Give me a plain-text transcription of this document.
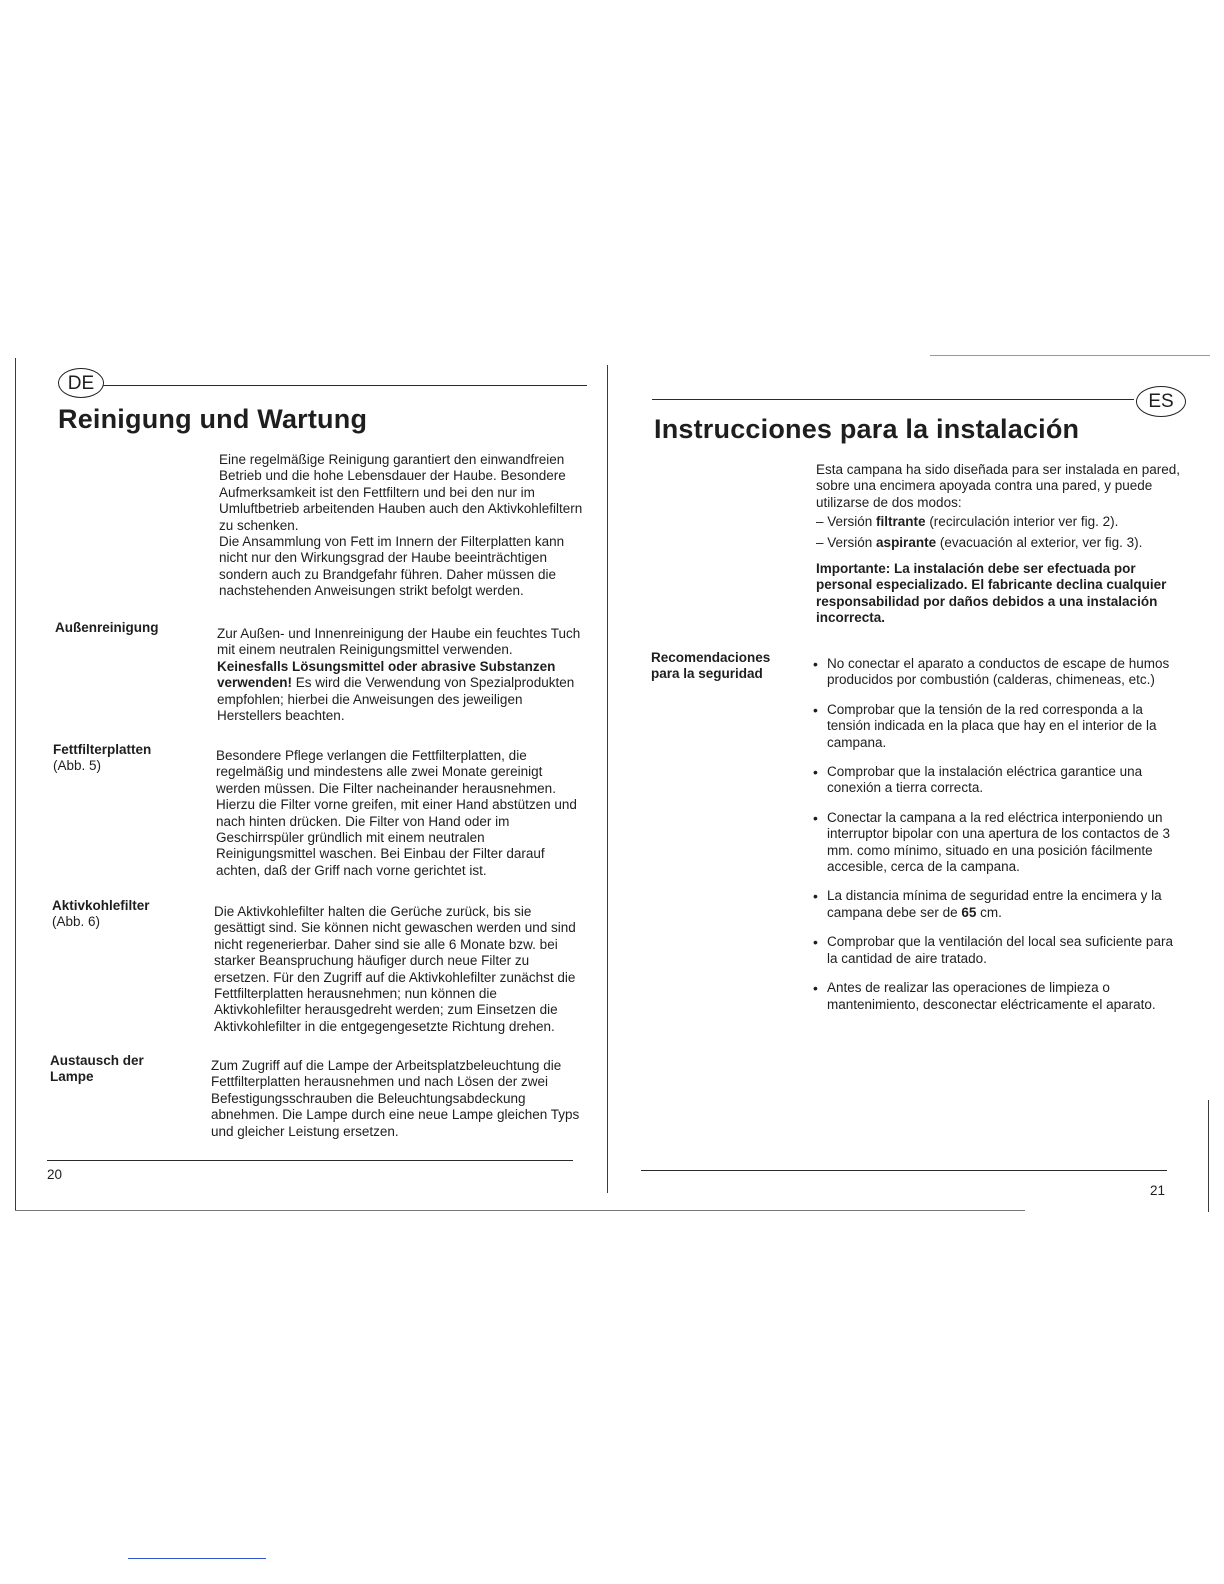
DE
Reinigung und Wartung

Eine regelmäßige Reinigung garantiert den einwandfreien Betrieb und die hohe Lebensdauer der Haube. Besondere Aufmerksamkeit ist den Fettfiltern und bei den nur im Umluftbetrieb arbeitenden Hauben auch den Aktivkohlefiltern zu schenken.

Die Ansammlung von Fett im Innern der Filterplatten kann nicht nur den Wirkungsgrad der Haube beeinträchtigen sondern auch zu Brandgefahr führen. Daher müssen die nachstehenden Anweisungen strikt befolgt werden.

Außenreinigung	Zur Außen- und Innenreinigung der Haube ein feuchtes Tuch mit einem neutralen Reinigungsmittel verwenden. Keinesfalls Lösungsmittel oder abrasive Substanzen verwenden! Es wird die Verwendung von Spezialprodukten empfohlen; hierbei die Anweisungen des jeweiligen Herstellers beachten.
Fettfilterplatten
(Abb. 5)
Besondere Pflege verlangen die Fettfilterplatten, die regelmäßig und mindestens alle zwei Monate gereinigt werden müssen. Die Filter nacheinander herausnehmen. Hierzu die Filter vorne greifen, mit einer Hand abstützen und nach hinten drücken. Die Filter von Hand oder im Geschirrspüler gründlich mit einem neutralen Reinigungsmittel waschen. Bei Einbau der Filter darauf achten, daß der Griff nach vorne gerichtet ist.
Aktivkohlefilter
(Abb. 6)
Die Aktivkohlefilter halten die Gerüche zurück, bis sie gesättigt sind. Sie können nicht gewaschen werden und sind nicht regenerierbar. Daher sind sie alle 6 Monate bzw. bei starker Beanspruchung häufiger durch neue Filter zu ersetzen. Für den Zugriff auf die Aktivkohlefilter zunächst die Fettfilterplatten herausnehmen; nun können die Aktivkohlefilter herausgedreht werden; zum Einsetzen die Aktivkohlefilter in die entgegengesetzte Richtung drehen.
Austausch der Lampe
Zum Zugriff auf die Lampe der Arbeitsplatzbeleuchtung die Fettfilterplatten herausnehmen und nach Lösen der zwei Befestigungsschrauben die Beleuchtungsabdeckung abnehmen. Die Lampe durch eine neue Lampe gleichen Typs und gleicher Leistung ersetzen.
20
ES
Instrucciones para la instalación

Esta campana ha sido diseñada para ser instalada en pared, sobre una encimera apoyada contra una pared, y puede utilizarse de dos modos:

– Versión filtrante (recirculación interior ver fig. 2).

– Versión aspirante (evacuación al exterior, ver fig. 3).

Importante: La instalación debe ser efectuada por personal especializado. El fabricante declina cualquier responsabilidad por daños debidos a una instalación incorrecta.

Recomendaciones para la seguridad
• No conectar el aparato a conductos de escape de humos producidos por combustión (calderas, chimeneas, etc.)
• Comprobar que la tensión de la red corresponda a la tensión indicada en la placa que hay en el interior de la campana.
• Comprobar que la instalación eléctrica garantice una conexión a tierra correcta.
• Conectar la campana a la red eléctrica interponiendo un interruptor bipolar con una apertura de los contactos de 3 mm. como mínimo, situado en una posición fácilmente accesible, cerca de la campana.
• La distancia mínima de seguridad entre la encimera y la campana debe ser de 65 cm.
• Comprobar que la ventilación del local sea suficiente para la cantidad de aire tratado.
• Antes de realizar las operaciones de limpieza o mantenimiento, desconectar eléctricamente el aparato.
21
